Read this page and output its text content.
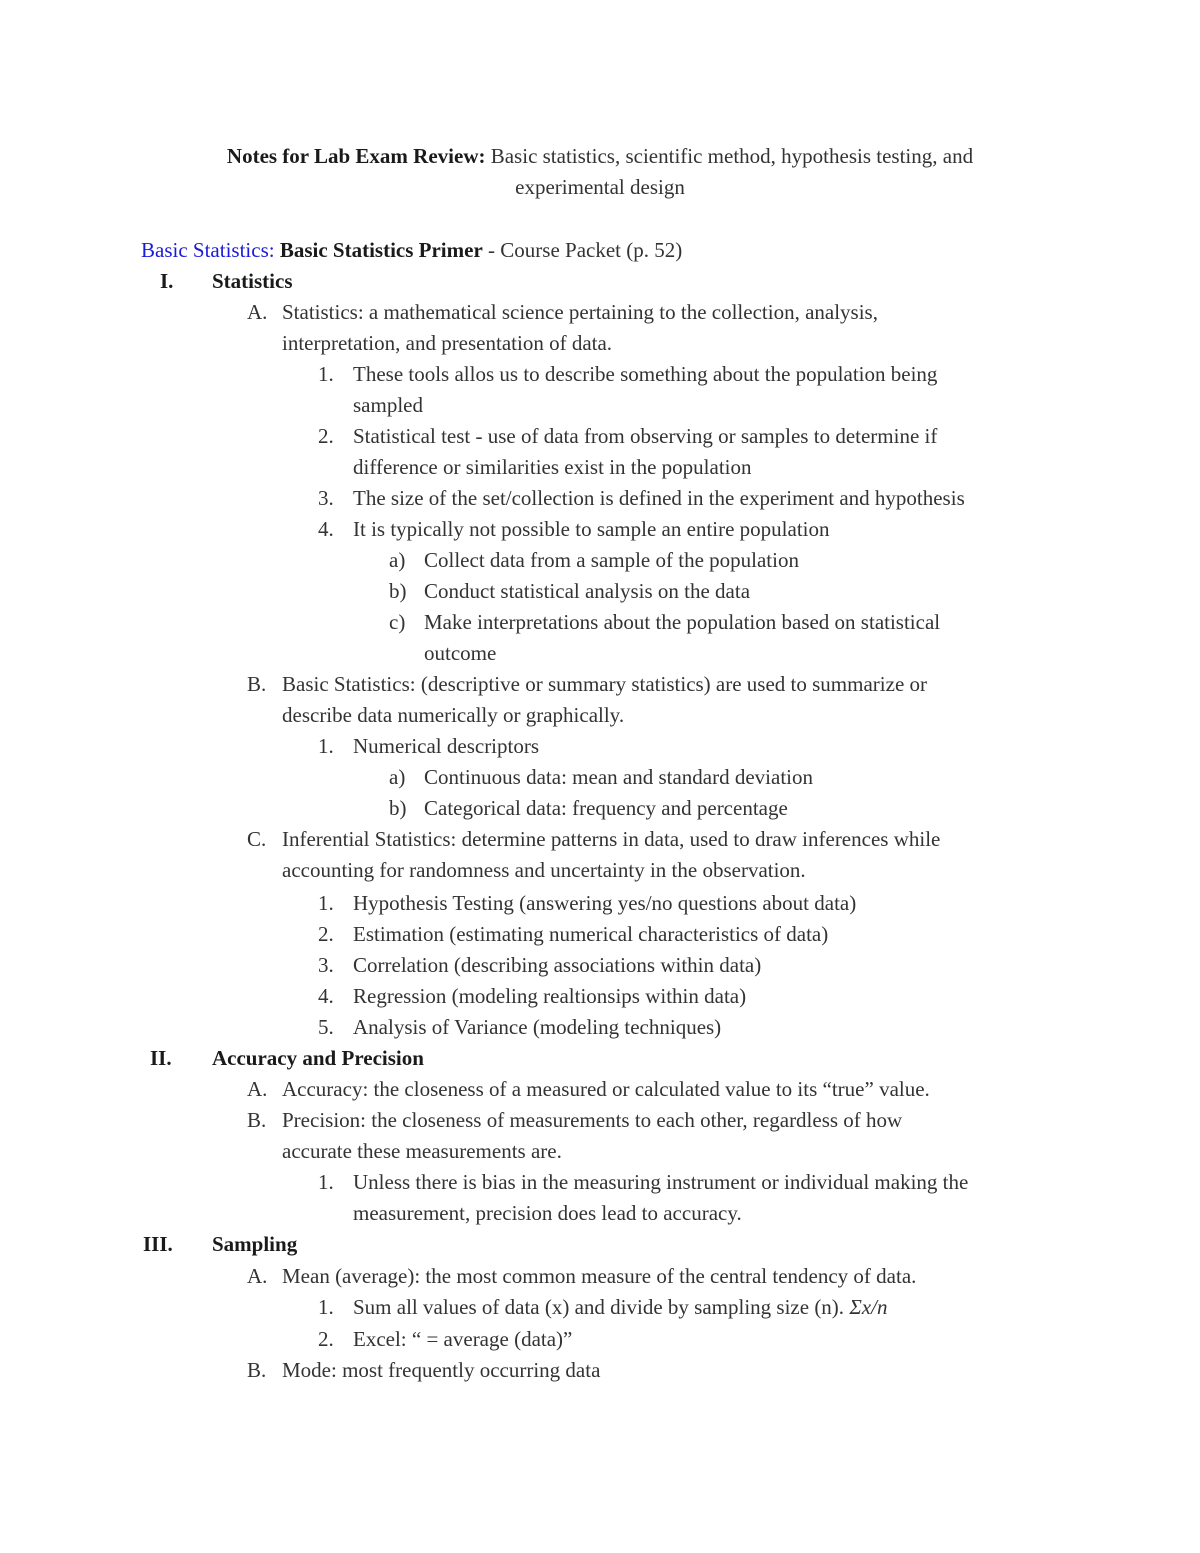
Notes for Lab Exam Review: Basic statistics, scientific method, hypothesis testing, and
experimental design
Basic Statistics: Basic Statistics Primer - Course Packet (p. 52)
I. Statistics
A. Statistics: a mathematical science pertaining to the collection, analysis,
interpretation, and presentation of data.
1. These tools allos us to describe something about the population being
sampled
2. Statistical test - use of data from observing or samples to determine if
difference or similarities exist in the population
3. The size of the set/collection is defined in the experiment and hypothesis
4. It is typically not possible to sample an entire population
a) Collect data from a sample of the population
b) Conduct statistical analysis on the data
c) Make interpretations about the population based on statistical
outcome
B. Basic Statistics: (descriptive or summary statistics) are used to summarize or
describe data numerically or graphically.
1. Numerical descriptors
a) Continuous data: mean and standard deviation
b) Categorical data: frequency and percentage
C. Inferential Statistics: determine patterns in data, used to draw inferences while
accounting for randomness and uncertainty in the observation.
1. Hypothesis Testing (answering yes/no questions about data)
2. Estimation (estimating numerical characteristics of data)
3. Correlation (describing associations within data)
4. Regression (modeling realtionsips within data)
5. Analysis of Variance (modeling techniques)
II. Accuracy and Precision
A. Accuracy: the closeness of a measured or calculated value to its “true” value.
B. Precision: the closeness of measurements to each other, regardless of how
accurate these measurements are.
1. Unless there is bias in the measuring instrument or individual making the
measurement, precision does lead to accuracy.
III. Sampling
A. Mean (average): the most common measure of the central tendency of data.
1. Sum all values of data (x) and divide by sampling size (n). Σx/n
2. Excel: “ = average (data)”
B. Mode: most frequently occurring data
